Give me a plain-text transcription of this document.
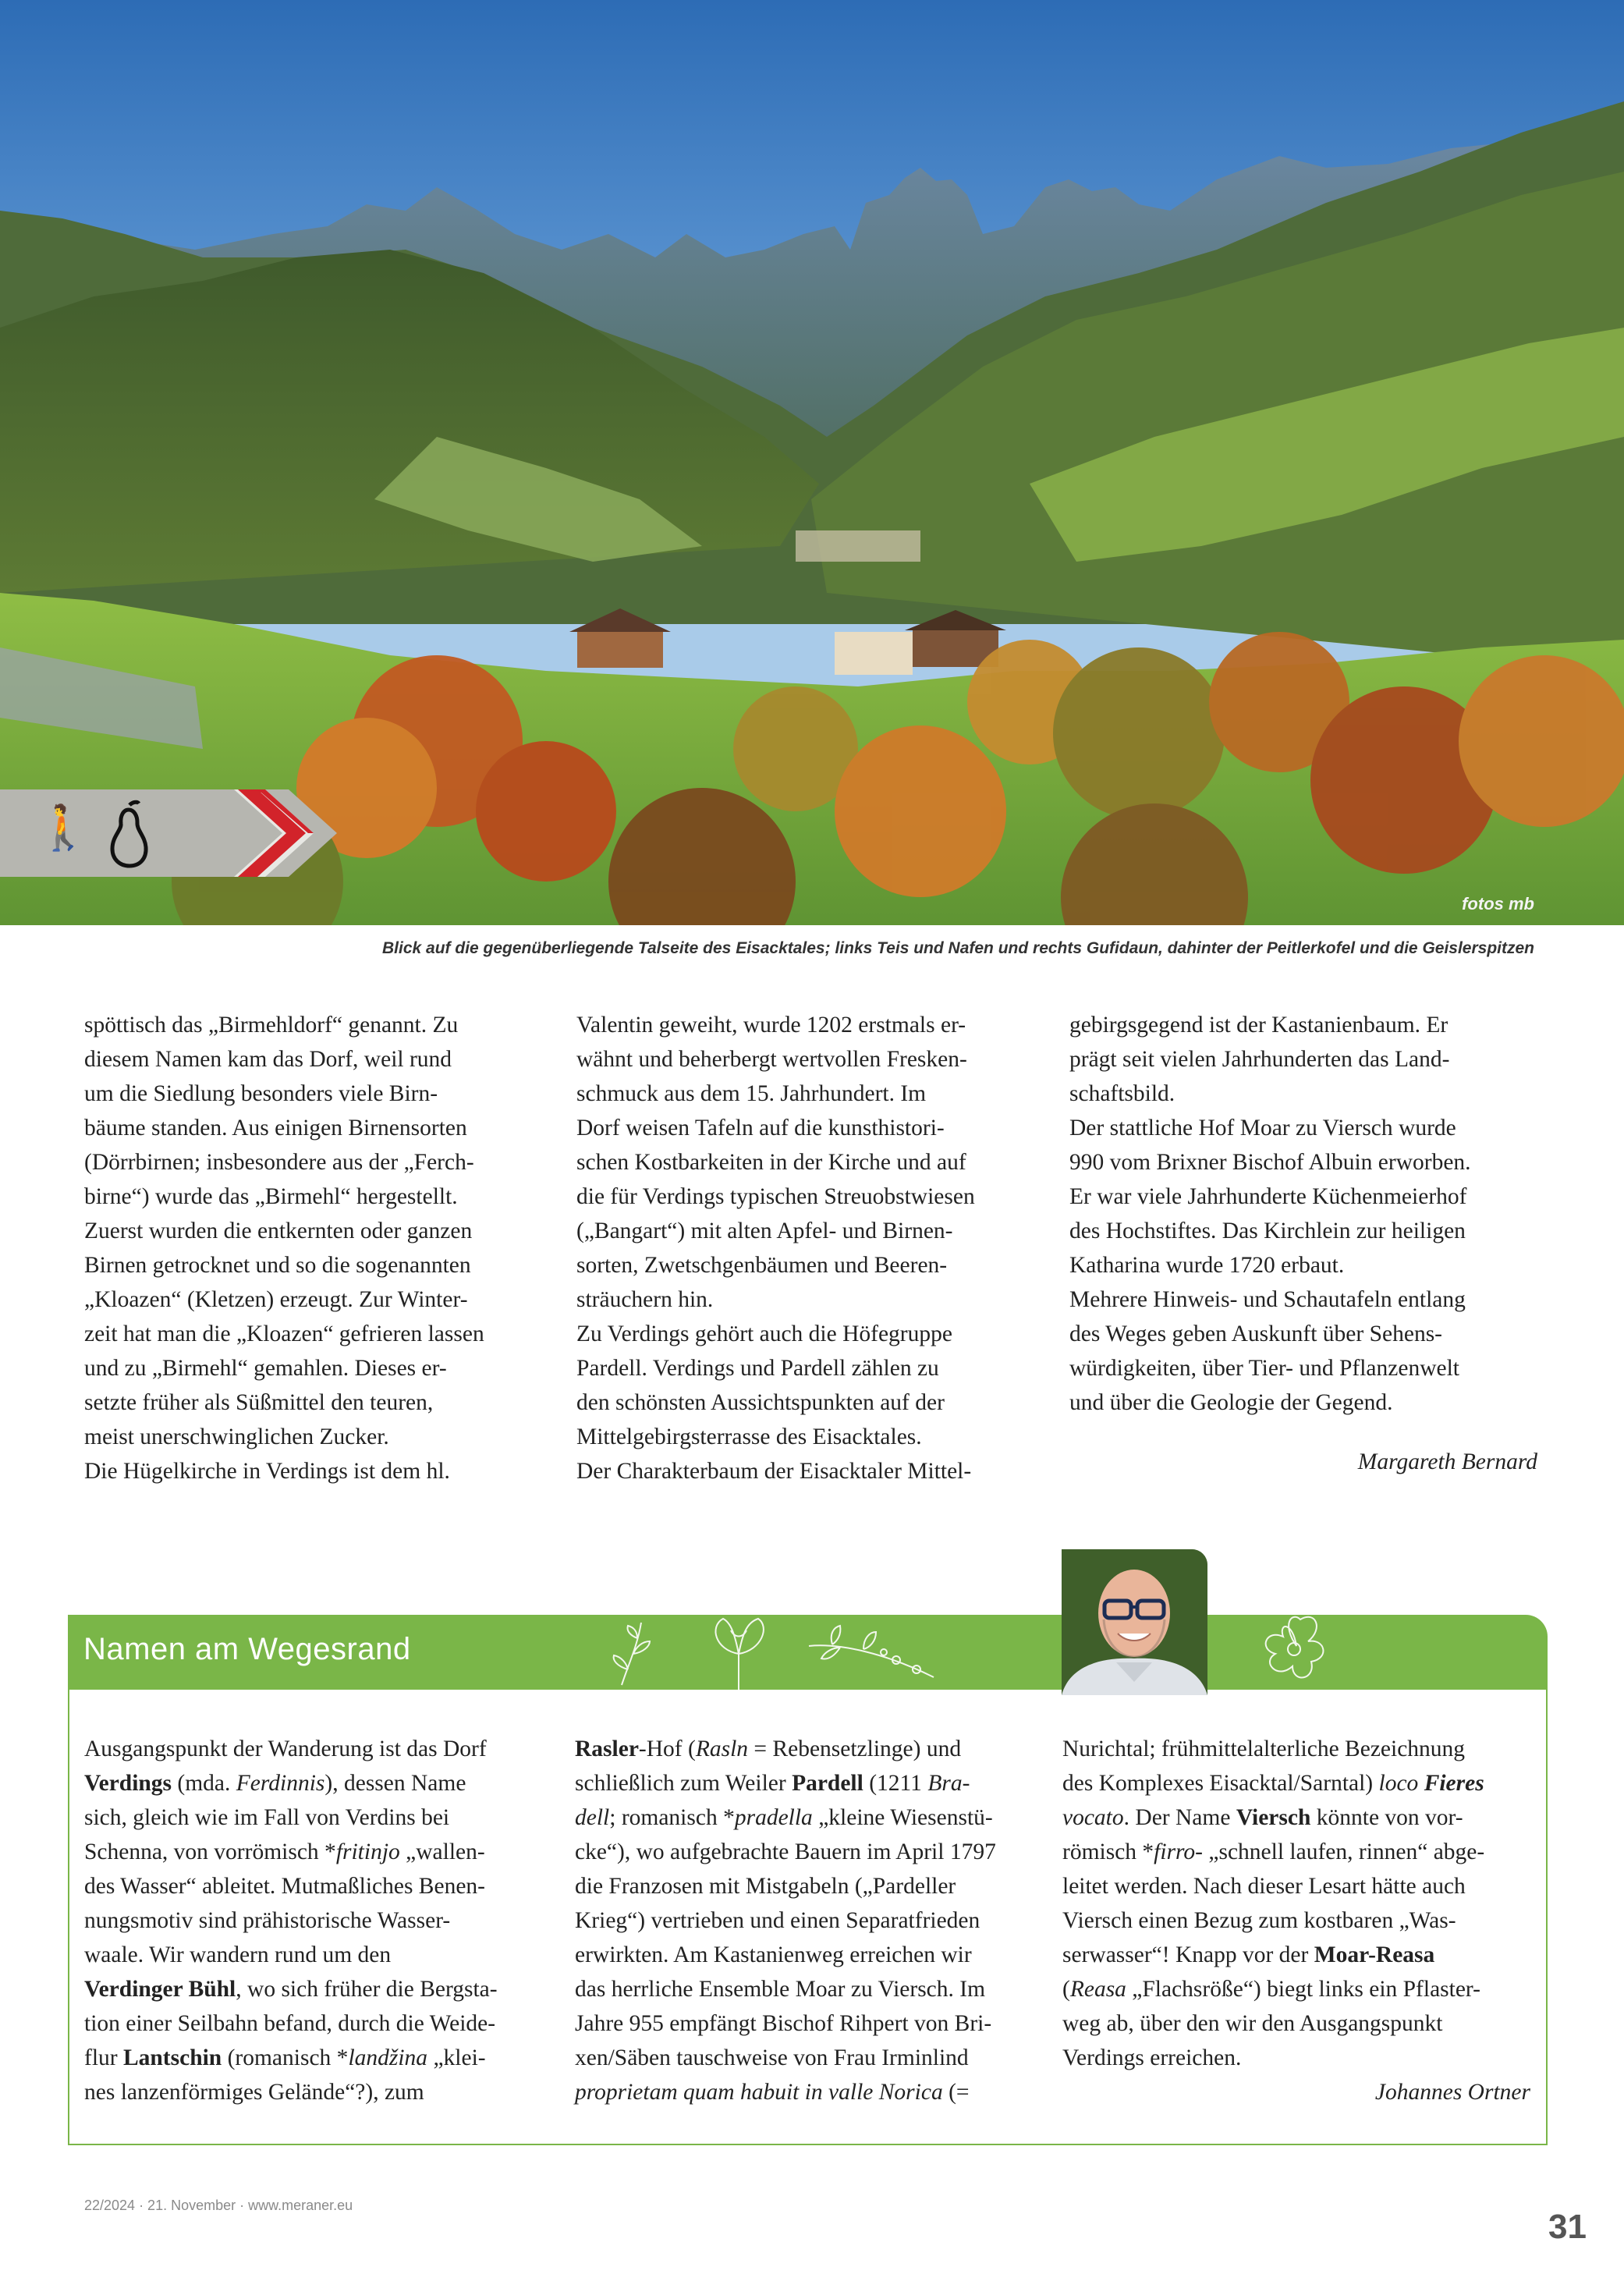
🚶
fotos mb
Blick auf die gegenüberliegende Talseite des Eisacktales; links Teis und Nafen und rechts Gufidaun, dahinter der Peitlerkofel und die Geislerspitzen

spöttisch das „Birmehldorf“ genannt. Zu

diesem Namen kam das Dorf, weil rund

um die Siedlung besonders viele Birn-

bäume standen. Aus einigen Birnensorten

(Dörrbirnen; insbesondere aus der „Ferch-

birne“) wurde das „Birmehl“ hergestellt.

Zuerst wurden die entkernten oder ganzen

Birnen getrocknet und so die sogenannten

„Kloazen“ (Kletzen) erzeugt. Zur Winter-

zeit hat man die „Kloazen“ gefrieren lassen

und zu „Birmehl“ gemahlen. Dieses er-

setzte früher als Süßmittel den teuren,

meist unerschwinglichen Zucker.

Die Hügelkirche in Verdings ist dem hl.

Valentin geweiht, wurde 1202 erstmals er-

wähnt und beherbergt wertvollen Fresken-

schmuck aus dem 15. Jahrhundert. Im

Dorf weisen Tafeln auf die kunsthistori-

schen Kostbarkeiten in der Kirche und auf

die für Verdings typischen Streuobstwiesen

(„Bangart“) mit alten Apfel- und Birnen-

sorten, Zwetschgenbäumen und Beeren-

sträuchern hin.

Zu Verdings gehört auch die Höfegruppe

Pardell. Verdings und Pardell zählen zu

den schönsten Aussichtspunkten auf der

Mittelgebirgsterrasse des Eisacktales.

Der Charakterbaum der Eisacktaler Mittel-

gebirgsgegend ist der Kastanienbaum. Er

prägt seit vielen Jahrhunderten das Land-

schaftsbild.

Der stattliche Hof Moar zu Viersch wurde

990 vom Brixner Bischof Albuin erworben.

Er war viele Jahrhunderte Küchenmeierhof

des Hochstiftes. Das Kirchlein zur heiligen

Katharina wurde 1720 erbaut.

Mehrere Hinweis- und Schautafeln entlang

des Weges geben Auskunft über Sehens-

würdigkeiten, über Tier- und Pflanzenwelt

und über die Geologie der Gegend.

Margareth Bernard

Namen am Wegesrand

Ausgangspunkt der Wanderung ist das Dorf

Verdings (mda. Ferdinnis), dessen Name

sich, gleich wie im Fall von Verdins bei

Schenna, von vorrömisch *fritinjo „wallen-

des Wasser“ ableitet. Mutmaßliches Benen-

nungsmotiv sind prähistorische Wasser-

waale. Wir wandern rund um den

Verdinger Bühl, wo sich früher die Bergsta-

tion einer Seilbahn befand, durch die Weide-

flur Lantschin (romanisch *landžina „klei-

nes lanzenförmiges Gelände“?), zum

Rasler-Hof (Rasln = Rebensetzlinge) und

schließlich zum Weiler Pardell (1211 Bra-

dell; romanisch *pradella „kleine Wiesenstü-

cke“), wo aufgebrachte Bauern im April 1797

die Franzosen mit Mistgabeln („Pardeller

Krieg“) vertrieben und einen Separatfrieden

erwirkten. Am Kastanienweg erreichen wir

das herrliche Ensemble Moar zu Viersch. Im

Jahre 955 empfängt Bischof Rihpert von Bri-

xen/Säben tauschweise von Frau Irminlind

proprietam quam habuit in valle Norica (=

Nurichtal; frühmittelalterliche Bezeichnung

des Komplexes Eisacktal/Sarntal) loco Fieres

vocato. Der Name Viersch könnte von vor-

römisch *firro- „schnell laufen, rinnen“ abge-

leitet werden. Nach dieser Lesart hätte auch

Viersch einen Bezug zum kostbaren „Was-

serwasser“! Knapp vor der Moar-Reasa

(Reasa „Flachsröße“) biegt links ein Pflaster-

weg ab, über den wir den Ausgangspunkt

Verdings erreichen.

Johannes Ortner

22/2024 · 21. November · www.meraner.eu
31
